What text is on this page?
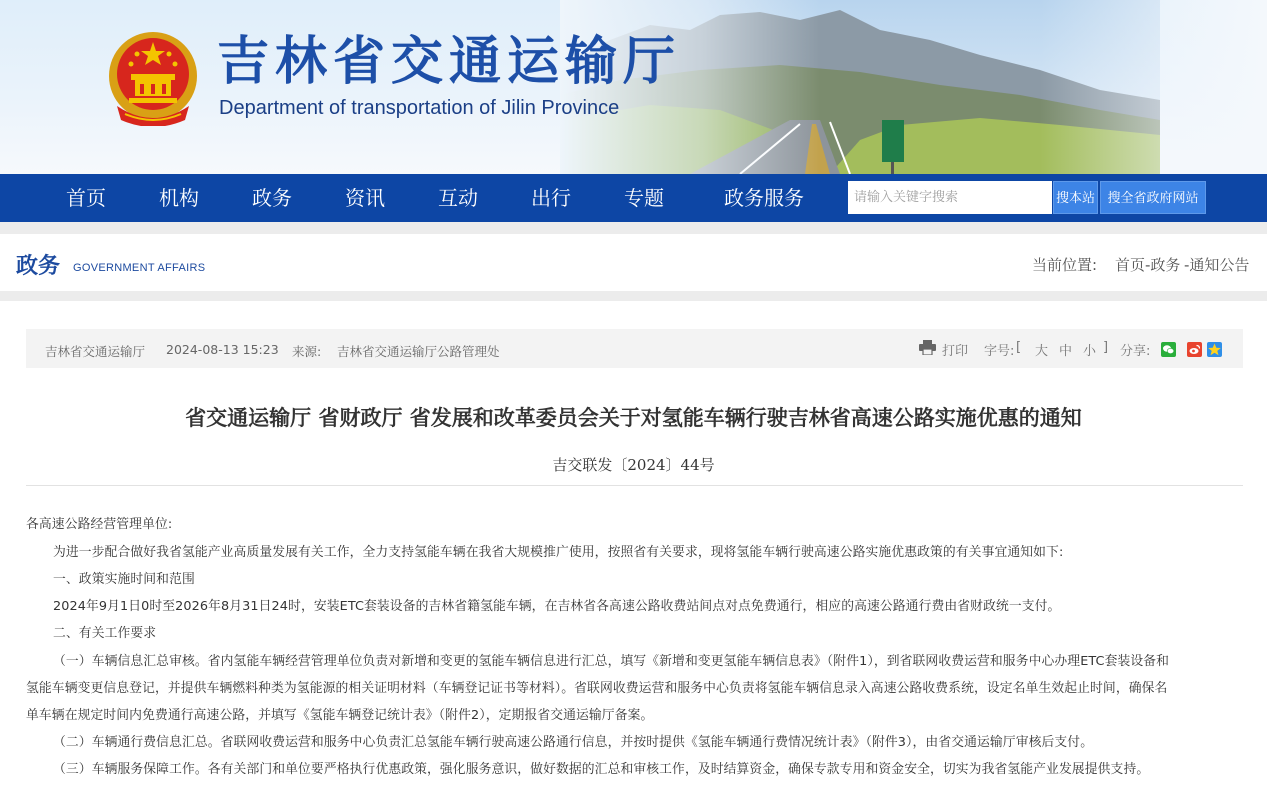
吉林省交通运输厅
Department of transportation of Jilin Province
首页	机构	政务	资讯	互动	出行	专题	政务服务
请输入关键字搜索	搜本站 搜全省政府网站
政务 GOVERNMENT AFFAIRS	当前位置: 首页 -政务 -通知公告
吉林省交通运输厅 2024-08-13 15:23 来源: 吉林省交通运输厅公路管理处	打印 字号: [ 大 中 小 ] 分享:
省交通运输厅 省财政厅 省发展和改革委员会关于对氢能车辆行驶吉林省高速公路实施优惠的通知
吉交联发〔2024〕44号
各高速公路经营管理单位:
为进一步配合做好我省氢能产业高质量发展有关工作，全力支持氢能车辆在我省大规模推广使用，按照省有关要求，现将氢能车辆行驶高速公路实施优惠政策的有关事宜通知如下:
一、政策实施时间和范围
2024年9月1日0时至2026年8月31日24时，安装ETC套装设备的吉林省籍氢能车辆，在吉林省各高速公路收费站间点对点免费通行，相应的高速公路通行费由省财政统一支付。
二、有关工作要求
（一）车辆信息汇总审核。省内氢能车辆经营管理单位负责对新增和变更的氢能车辆信息进行汇总，填写《新增和变更氢能车辆信息表》（附件1），到省联网收费运营和服务中心办理ETC套装设备和
氢能车辆变更信息登记，并提供车辆燃料种类为氢能源的相关证明材料（车辆登记证书等材料）。省联网收费运营和服务中心负责将氢能车辆信息录入高速公路收费系统，设定名单生效起止时间，确保名
单车辆在规定时间内免费通行高速公路，并填写《氢能车辆登记统计表》（附件2），定期报省交通运输厅备案。
（二）车辆通行费信息汇总。省联网收费运营和服务中心负责汇总氢能车辆行驶高速公路通行信息，并按时提供《氢能车辆通行费情况统计表》（附件3），由省交通运输厅审核后支付。
（三）车辆服务保障工作。各有关部门和单位要严格执行优惠政策，强化服务意识，做好数据的汇总和审核工作，及时结算资金，确保专款专用和资金安全，切实为我省氢能产业发展提供支持。
